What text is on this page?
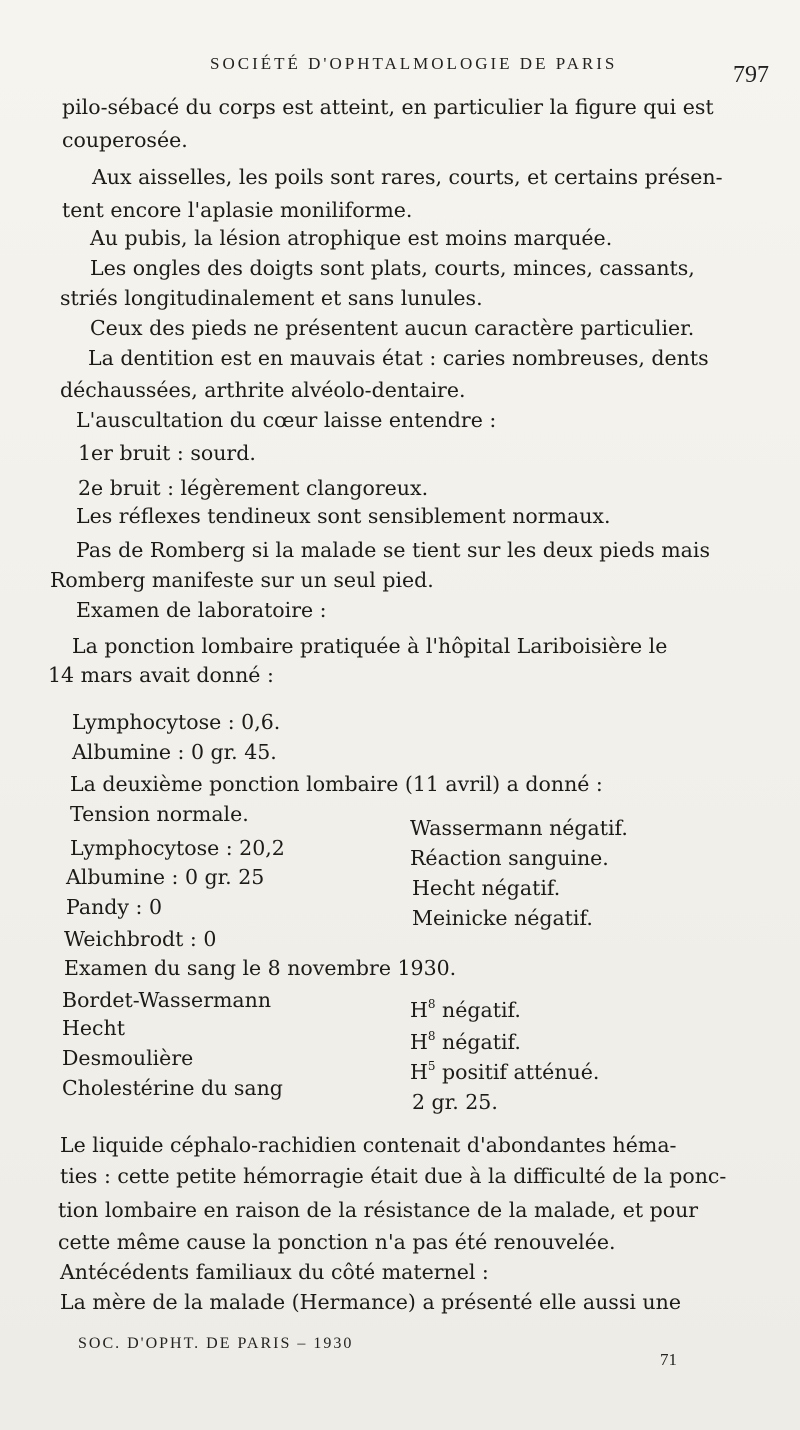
SOCIÉTÉ D'OPHTALMOLOGIE DE PARIS	797
pilo-sébacé du corps est atteint, en particulier la figure qui est
couperosée.
Aux aisselles, les poils sont rares, courts, et certains présen-
tent encore l'aplasie moniliforme.
Au pubis, la lésion atrophique est moins marquée.
Les ongles des doigts sont plats, courts, minces, cassants,
striés longitudinalement et sans lunules.
Ceux des pieds ne présentent aucun caractère particulier.
La dentition est en mauvais état : caries nombreuses, dents
déchaussées, arthrite alvéolo-dentaire.
L'auscultation du cœur laisse entendre :
1er bruit : sourd.
2e bruit : légèrement clangoreux.
Les réflexes tendineux sont sensiblement normaux.
Pas de Romberg si la malade se tient sur les deux pieds mais
Romberg manifeste sur un seul pied.
Examen de laboratoire :
La ponction lombaire pratiquée à l'hôpital Lariboisière le
14 mars avait donné :
Lymphocytose : 0,6.
Albumine : 0 gr. 45.
La deuxième ponction lombaire (11 avril) a donné :
Tension normale.
Lymphocytose : 20,2
Albumine : 0 gr. 25
Pandy : 0
Weichbrodt : 0
Wassermann négatif.
Réaction sanguine.
Hecht négatif.
Meinicke négatif.
Examen du sang le 8 novembre 1930.
Bordet-Wassermann
Hecht
Desmoulière
Cholestérine du sang
$H^8$ négatif.
$H^8$ négatif.
$H^5$ positif atténué.
2 gr. 25.
Le liquide céphalo-rachidien contenait d'abondantes héma-
ties : cette petite hémorragie était due à la difficulté de la ponc-
tion lombaire en raison de la résistance de la malade, et pour
cette même cause la ponction n'a pas été renouvelée.
Antécédents familiaux du côté maternel :
La mère de la malade (Hermance) a présenté elle aussi une
SOC. D'OPHT. DE PARIS – 1930
71
